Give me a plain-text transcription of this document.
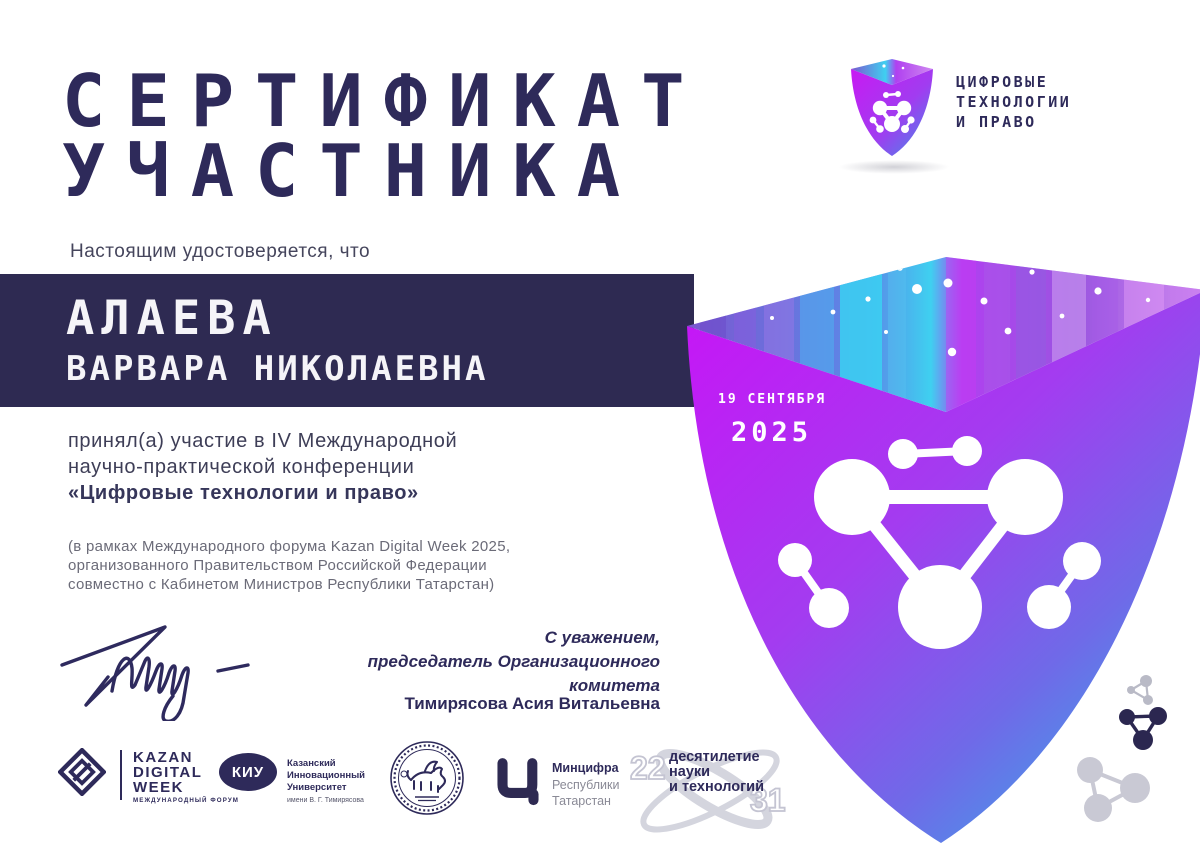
СЕРТИФИКАТ
УЧАСТНИКА
ЦИФРОВЫЕ
ТЕХНОЛОГИИ
И ПРАВО
Настоящим удостоверяется, что
АЛАЕВА
ВАРВАРА НИКОЛАЕВНА
принял(а) участие в IV Международной
научно-практической конференции
«Цифровые технологии и право»
(в рамках Международного форума Kazan Digital Week 2025,
организованного Правительством Российской Федерации
совместно с Кабинетом Министров Республики Татарстан)
С уважением,
председатель Организационного комитета
Тимирясова Асия Витальевна
KAZAN
DIGITAL
WEEK
МЕЖДУНАРОДНЫЙ ФОРУМ
КИУ Казанский
Инновационный
Университет
имени В. Г. Тимирясова
Минцифра
Республики
Татарстан
22
31
десятилетие
науки
и технологий
19 СЕНТЯБРЯ
2025
